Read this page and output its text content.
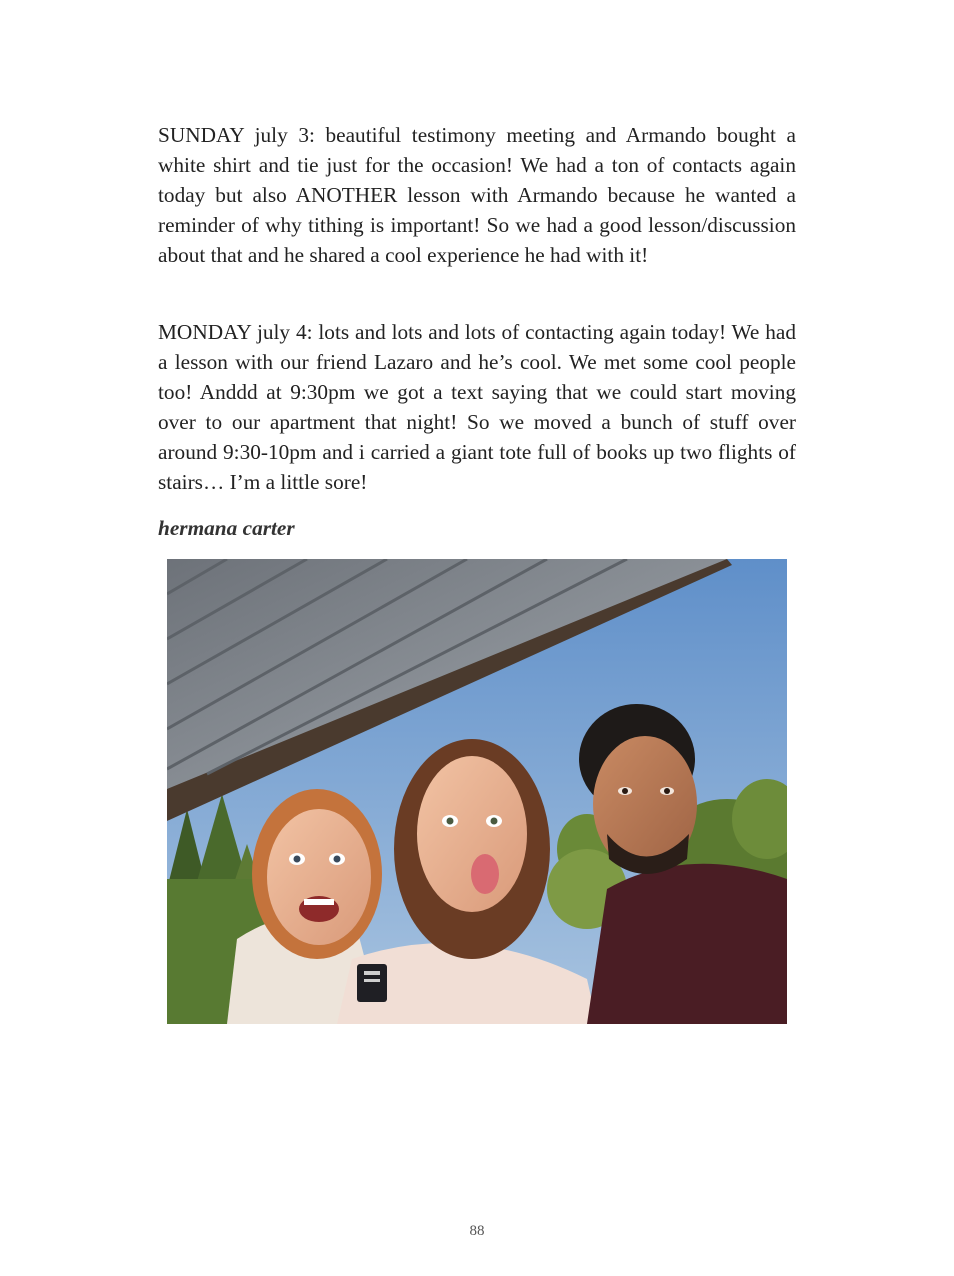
SUNDAY july 3: beautiful testimony meeting and Armando bought a white shirt and tie just for the occasion! We had a ton of contacts again today but also ANOTHER lesson with Armando because he wanted a reminder of why tithing is important! So we had a good lesson/discussion about that and he shared a cool experience he had with it!

MONDAY july 4: lots and lots and lots of contacting again today! We had a lesson with our friend Lazaro and he’s cool. We met some cool people too! Anddd at 9:30pm we got a text saying that we could start moving over to our apartment that night! So we moved a bunch of stuff over around 9:30-10pm and i carried a giant tote full of books up two flights of stairs… I’m a little sore!

hermana carter

88
